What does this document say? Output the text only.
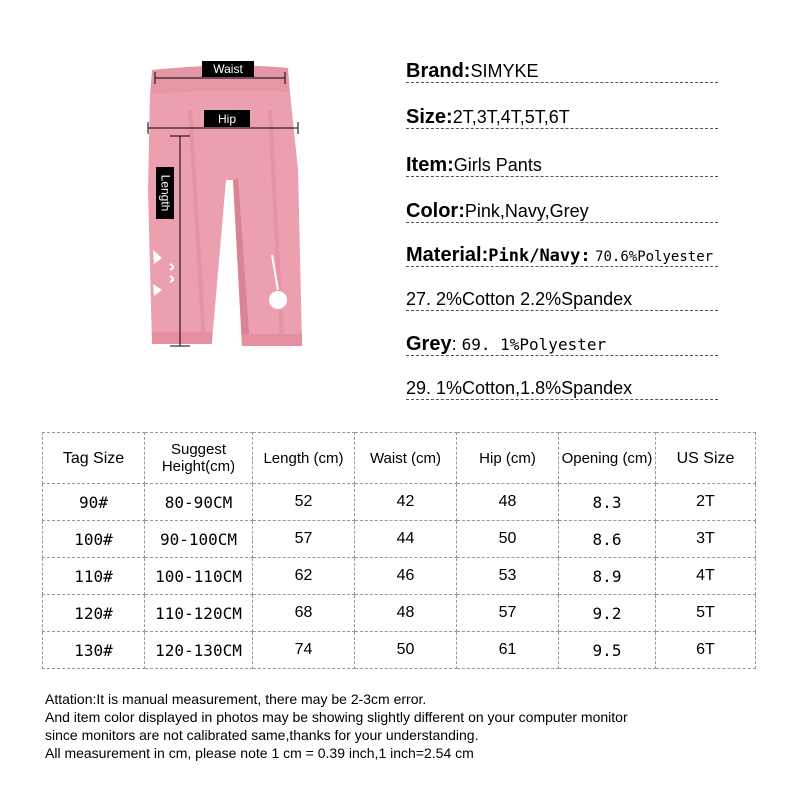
Waist
Hip
Length
Brand:SIMYKE
Size:2T,3T,4T,5T,6T
Item:Girls Pants
Color:Pink,Navy,Grey
Material:Pink/Navy: 70.6%Polyester
27. 2%Cotton 2.2%Spandex
Grey: 69. 1%Polyester
29. 1%Cotton,1.8%Spandex
Tag Size	Suggest Height(cm)	Length (cm)	Waist (cm)	Hip (cm)	Opening (cm)	US Size
90#	80-90CM	52	42	48	8.3	2T
100#	90-100CM	57	44	50	8.6	3T
110#	100-110CM	62	46	53	8.9	4T
120#	110-120CM	68	48	57	9.2	5T
130#	120-130CM	74	50	61	9.5	6T
Attation:It is manual measurement, there may be 2-3cm error.
And item color displayed in photos may be showing slightly different on your computer monitor
since monitors are not calibrated same,thanks for your understanding.
All measurement in cm, please note 1 cm = 0.39 inch,1 inch=2.54 cm
